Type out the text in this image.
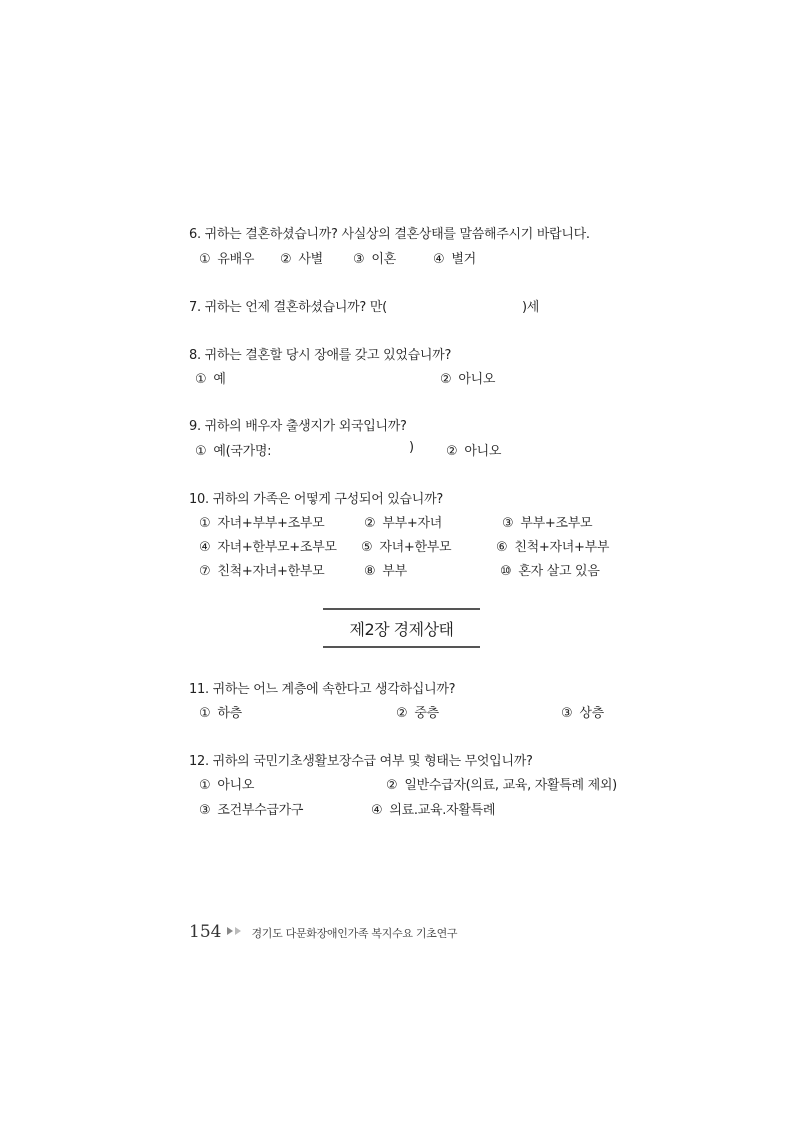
6. 귀하는 결혼하셨습니까? 사실상의 결혼상태를 말씀해주시기 바랍니다.
① 유배우 ② 사별 ③ 이혼	④ 별거
7. 귀하는 언제 결혼하셨습니까? 만(	)세
8. 귀하는 결혼할 당시 장애를 갖고 있었습니까?
① 예	② 아니오
9. 귀하의 배우자 출생지가 외국입니까?
① 예(국가명:	) ② 아니오
10. 귀하의 가족은 어떻게 구성되어 있습니까?
① 자녀+부부+조부모	② 부부+자녀	③ 부부+조부모
④ 자녀+한부모+조부모 ⑤ 자녀+한부모	⑥ 친척+자녀+부부
⑦ 친척+자녀+한부모	⑧ 부부	⑩ 혼자 살고 있음
제2장 경제상태
11. 귀하는 어느 계층에 속한다고 생각하십니까?
① 하층	② 중층	③ 상층
12. 귀하의 국민기초생활보장수급 여부 및 형태는 무엇입니까?
① 아니오	② 일반수급자(의료, 교육, 자활특례 제외)
③ 조건부수급가구	④ 의료.교육.자활특례
154	경기도 다문화장애인가족 복지수요 기초연구
